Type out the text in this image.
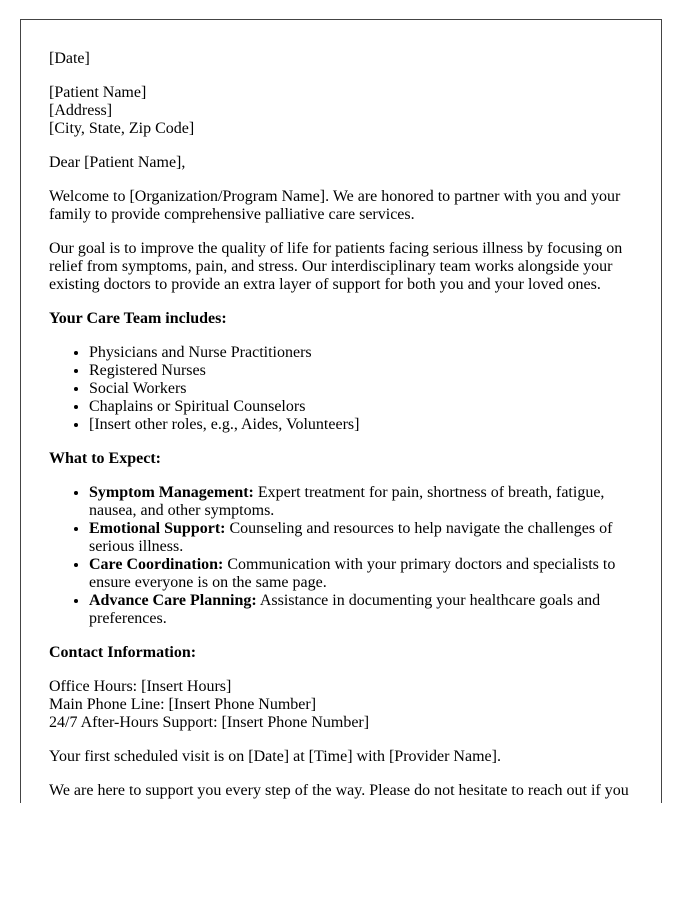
[Date]

[Patient Name]
[Address]
[City, State, Zip Code]

Dear [Patient Name],

Welcome to [Organization/Program Name]. We are honored to partner with you and your family to provide comprehensive palliative care services.

Our goal is to improve the quality of life for patients facing serious illness by focusing on relief from symptoms, pain, and stress. Our interdisciplinary team works alongside your existing doctors to provide an extra layer of support for both you and your loved ones.

Your Care Team includes:

• Physicians and Nurse Practitioners
• Registered Nurses
• Social Workers
• Chaplains or Spiritual Counselors
• [Insert other roles, e.g., Aides, Volunteers]

What to Expect:

• Symptom Management: Expert treatment for pain, shortness of breath, fatigue, nausea, and other symptoms.
• Emotional Support: Counseling and resources to help navigate the challenges of serious illness.
• Care Coordination: Communication with your primary doctors and specialists to ensure everyone is on the same page.
• Advance Care Planning: Assistance in documenting your healthcare goals and preferences.

Contact Information:

Office Hours: [Insert Hours]
Main Phone Line: [Insert Phone Number]
24/7 After-Hours Support: [Insert Phone Number]

Your first scheduled visit is on [Date] at [Time] with [Provider Name].

We are here to support you every step of the way. Please do not hesitate to reach out if you
